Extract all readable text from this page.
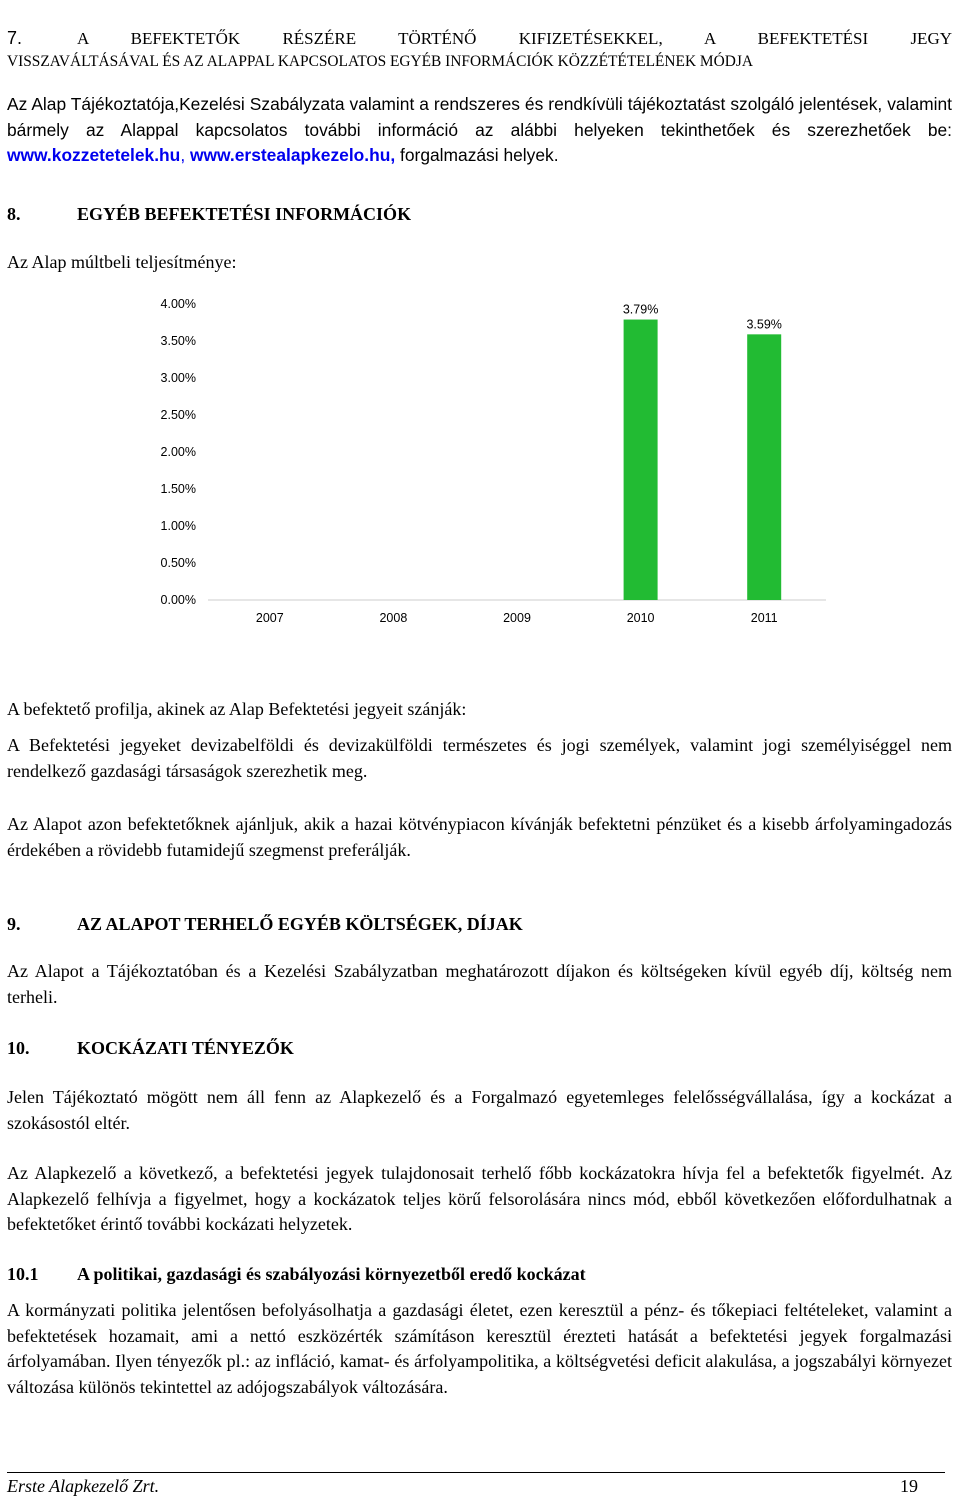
7.	A BEFEKTETŐK RÉSZÉRE TÖRTÉNŐ KIFIZETÉSEKKEL, A BEFEKTETÉSI JEGY
VISSZAVÁLTÁSÁVAL ÉS AZ ALAPPAL KAPCSOLATOS EGYÉB INFORMÁCIÓK KÖZZÉTÉTELÉNEK MÓDJA
Az Alap Tájékoztatója,Kezelési Szabályzata valamint a rendszeres és rendkívüli tájékoztatást szolgáló jelentések, valamint bármely az Alappal kapcsolatos további információ az alábbi helyeken tekinthetőek és szerezhetőek be: www.kozzetetelek.hu, www.erstealapkezelo.hu, forgalmazási helyek.
8.	EGYÉB BEFEKTETÉSI INFORMÁCIÓK
Az Alap múltbeli teljesítménye:
0.00%
0.50%
1.00%
1.50%
2.00%
2.50%
3.00%
3.50%
4.00%	3.79%
3.59%
2007	2008	2009	2010	2011
A befektető profilja, akinek az Alap Befektetési jegyeit szánják:
A Befektetési jegyeket devizabelföldi és devizakülföldi természetes és jogi személyek, valamint jogi személyiséggel nem rendelkező gazdasági társaságok szerezhetik meg.
Az Alapot azon befektetőknek ajánljuk, akik a hazai kötvénypiacon kívánják befektetni pénzüket és a kisebb árfolyamingadozás érdekében a rövidebb futamidejű szegmenst preferálják.
9.	AZ ALAPOT TERHELŐ EGYÉB KÖLTSÉGEK, DÍJAK
Az Alapot a Tájékoztatóban és a Kezelési Szabályzatban meghatározott díjakon és költségeken kívül egyéb díj, költség nem terheli.
10.	KOCKÁZATI TÉNYEZŐK
Jelen Tájékoztató mögött nem áll fenn az Alapkezelő és a Forgalmazó egyetemleges felelősségvállalása, így a kockázat a szokásostól eltér.
Az Alapkezelő a következő, a befektetési jegyek tulajdonosait terhelő főbb kockázatokra hívja fel a befektetők figyelmét. Az Alapkezelő felhívja a figyelmet, hogy a kockázatok teljes körű felsorolására nincs mód, ebből következően előfordulhatnak a befektetőket érintő további kockázati helyzetek.
10.1 A politikai, gazdasági és szabályozási környezetből eredő kockázat
A kormányzati politika jelentősen befolyásolhatja a gazdasági életet, ezen keresztül a pénz- és tőkepiaci feltételeket, valamint a befektetések hozamait, ami a nettó eszközérték számításon keresztül érezteti hatását a befektetési jegyek forgalmazási árfolyamában. Ilyen tényezők pl.: az infláció, kamat- és árfolyampolitika, a költségvetési deficit alakulása, a jogszabályi környezet változása különös tekintettel az adójogszabályok változására.
Erste Alapkezelő Zrt.	19
